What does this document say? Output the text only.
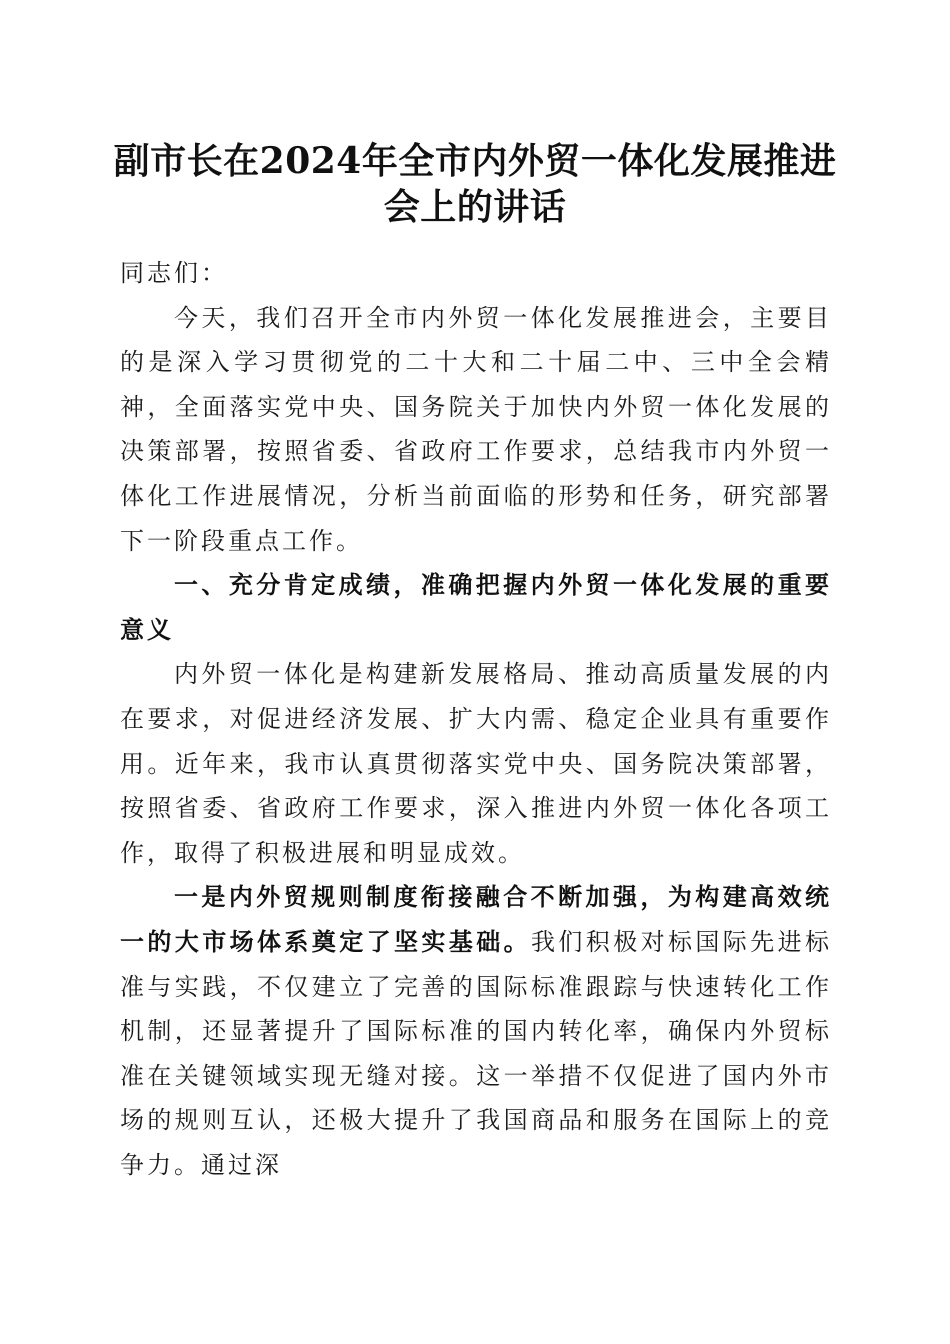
副市长在2024年全市内外贸一体化发展推进
会上的讲话

同志们：

今天，我们召开全市内外贸一体化发展推进会，主要目的是深入学习贯彻党的二十大和二十届二中、三中全会精神，全面落实党中央、国务院关于加快内外贸一体化发展的决策部署，按照省委、省政府工作要求，总结我市内外贸一体化工作进展情况，分析当前面临的形势和任务，研究部署下一阶段重点工作。

一、充分肯定成绩，准确把握内外贸一体化发展的重要意义

内外贸一体化是构建新发展格局、推动高质量发展的内在要求，对促进经济发展、扩大内需、稳定企业具有重要作用。近年来，我市认真贯彻落实党中央、国务院决策部署，按照省委、省政府工作要求，深入推进内外贸一体化各项工作，取得了积极进展和明显成效。

一是内外贸规则制度衔接融合不断加强，为构建高效统一的大市场体系奠定了坚实基础。我们积极对标国际先进标准与实践，不仅建立了完善的国际标准跟踪与快速转化工作机制，还显著提升了国际标准的国内转化率，确保内外贸标准在关键领域实现无缝对接。这一举措不仅促进了国内外市场的规则互认，还极大提升了我国商品和服务在国际上的竞争力。通过深
